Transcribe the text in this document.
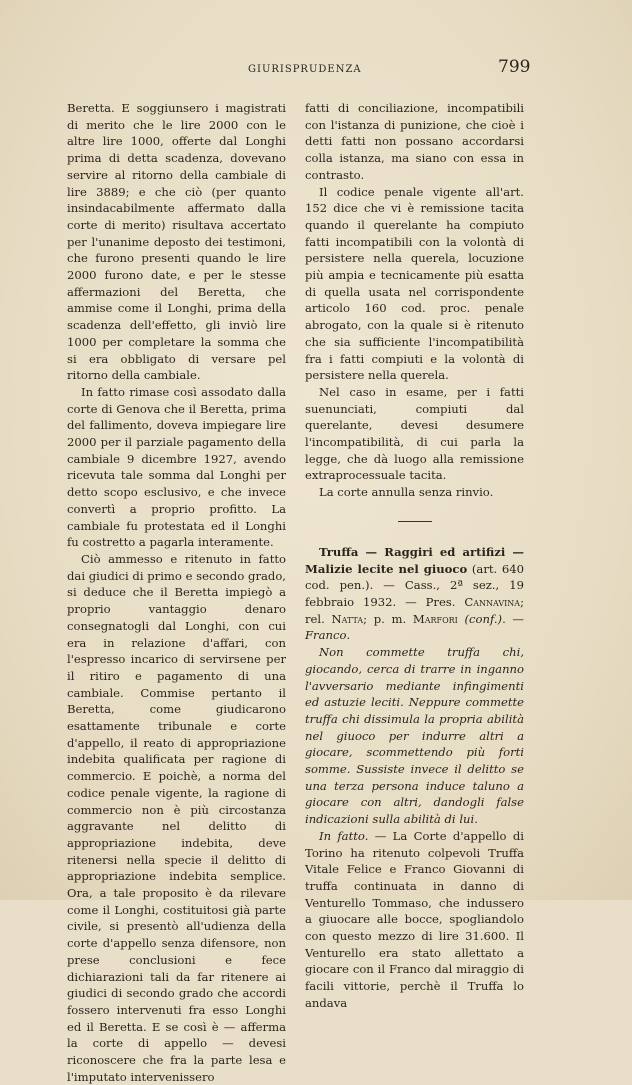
GIURISPRUDENZA	799

Beretta. E soggiunsero i magistrati di merito che le lire 2000 con le altre lire 1000, offerte dal Longhi prima di detta scadenza, dovevano servire al ritorno della cambiale di lire 3889; e che ciò (per quanto insindacabilmente affermato dalla corte di merito) risultava accertato per l'unanime deposto dei testimoni, che furono presenti quando le lire 2000 furono date, e per le stesse affermazioni del Beretta, che ammise come il Longhi, prima della scadenza dell'effetto, gli inviò lire 1000 per completare la somma che si era obbligato di versare pel ritorno della cambiale.

In fatto rimase così assodato dalla corte di Genova che il Beretta, prima del fallimento, doveva impiegare lire 2000 per il parziale pagamento della cambiale 9 dicembre 1927, avendo ricevuta tale somma dal Longhi per detto scopo esclusivo, e che invece convertì a proprio profitto. La cambiale fu protestata ed il Longhi fu costretto a pagarla interamente.

Ciò ammesso e ritenuto in fatto dai giudici di primo e secondo grado, si deduce che il Beretta impiegò a proprio vantaggio denaro consegnatogli dal Longhi, con cui era in relazione d'affari, con l'espresso incarico di servirsene per il ritiro e pagamento di una cambiale. Commise pertanto il Beretta, come giudicarono esattamente tribunale e corte d'appello, il reato di appropriazione indebita qualificata per ragione di commercio. E poichè, a norma del codice penale vigente, la ragione di commercio non è più circostanza aggravante nel delitto di appropriazione indebita, deve ritenersi nella specie il delitto di appropriazione indebita semplice. Ora, a tale proposito è da rilevare come il Longhi, costituitosi già parte civile, si presentò all'udienza della corte d'appello senza difensore, non prese conclusioni e fece dichiarazioni tali da far ritenere ai giudici di secondo grado che accordi fossero intervenuti fra esso Longhi ed il Beretta. E se così è — afferma la corte di appello — devesi riconoscere che fra la parte lesa e l'imputato intervenissero

fatti di conciliazione, incompatibili con l'istanza di punizione, che cioè i detti fatti non possano accordarsi colla istanza, ma siano con essa in contrasto.

Il codice penale vigente all'art. 152 dice che vi è remissione tacita quando il querelante ha compiuto fatti incompatibili con la volontà di persistere nella querela, locuzione più ampia e tecnicamente più esatta di quella usata nel corrispondente articolo 160 cod. proc. penale abrogato, con la quale si è ritenuto che sia sufficiente l'incompatibilità fra i fatti compiuti e la volontà di persistere nella querela.

Nel caso in esame, per i fatti suenunciati, compiuti dal querelante, devesi desumere l'incompatibilità, di cui parla la legge, che dà luogo alla remissione extraprocessuale tacita.

La corte annulla senza rinvio.

Truffa — Raggiri ed artifizi — Malizie lecite nel giuoco (art. 640 cod. pen.). — Cass., 2ª sez., 19 febbraio 1932. — Pres. Cannavina; rel. Natta; p. m. Marfori (conf.). — Franco.

Non commette truffa chi, giocando, cerca di trarre in inganno l'avversario mediante infingimenti ed astuzie leciti. Neppure commette truffa chi dissimula la propria abilità nel giuoco per indurre altri a giocare, scommettendo più forti somme. Sussiste invece il delitto se una terza persona induce taluno a giocare con altri, dandogli false indicazioni sulla abilità di lui.

In fatto. — La Corte d'appello di Torino ha ritenuto colpevoli Truffa Vitale Felice e Franco Giovanni di truffa continuata in danno di Venturello Tommaso, che indussero a giuocare alle bocce, spogliandolo con questo mezzo di lire 31.600. Il Venturello era stato allettato a giocare con il Franco dal miraggio di facili vittorie, perchè il Truffa lo andava
